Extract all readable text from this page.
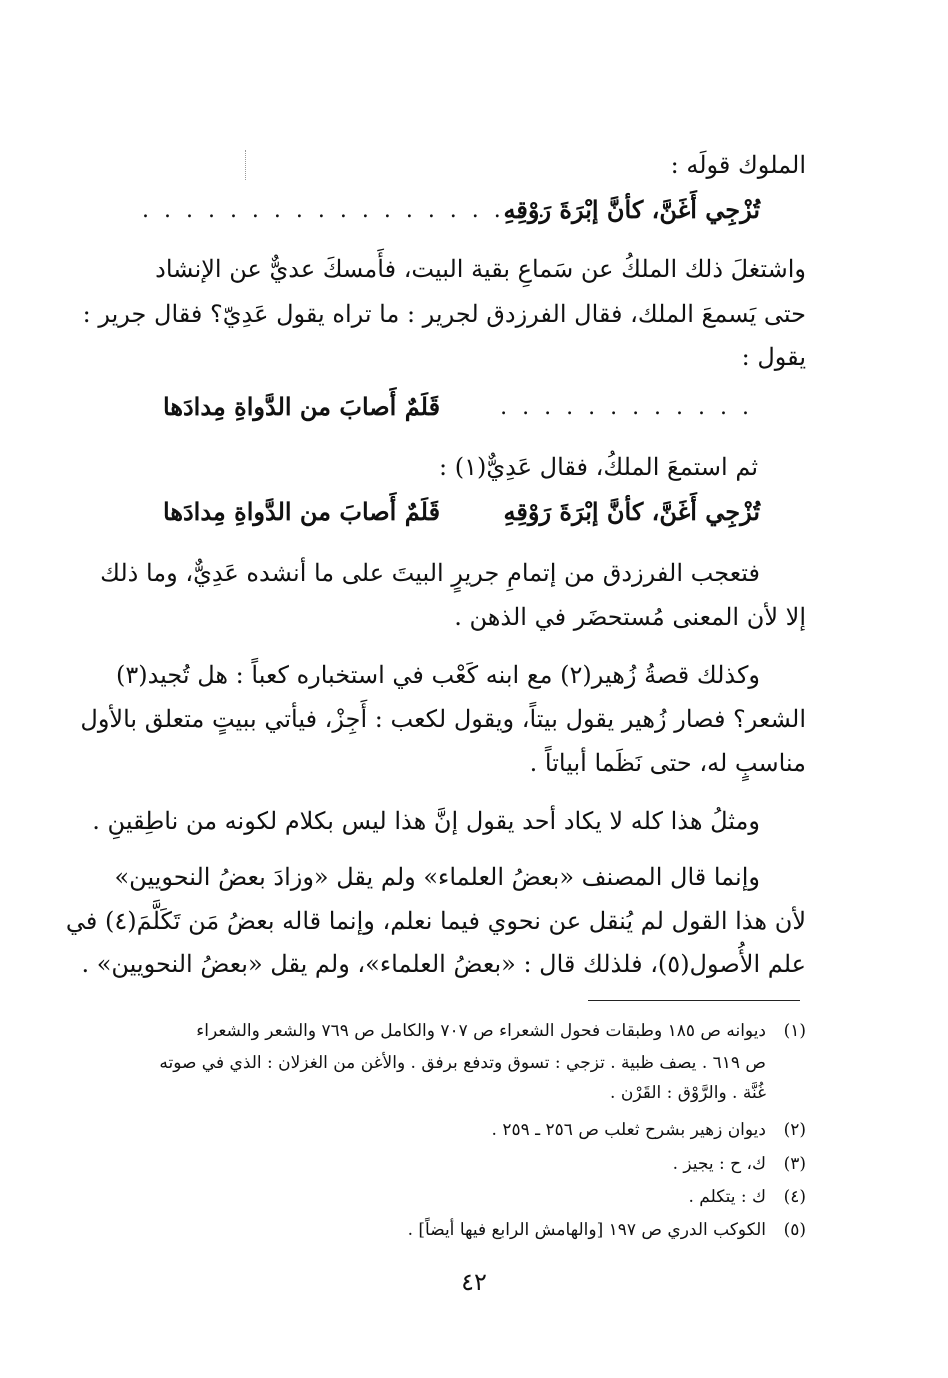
الملوك قولَه :
تُزْجِي أَغَنَّ، كأنَّ إبْرَةَ رَوْقِهِ
. . . . . . . . . . . . . . . . . . . .
واشتغلَ ذلك الملكُ عن سَماعِ بقية البيت، فأَمسكَ عديٌّ عن الإنشاد
حتى يَسمعَ الملك، فقال الفرزدق لجرير : ما تراه يقول عَدِيّ؟ فقال جرير :
يقول :
. . . . . . . . . . . .
قَلَمٌ أَصابَ من الدَّواةِ مِدادَها
ثم استمعَ الملكُ، فقال عَدِيٌّ(١) :
تُزْجِي أَغَنَّ، كأنَّ إبْرَةَ رَوْقِهِ
قَلَمٌ أَصابَ من الدَّواةِ مِدادَها
فتعجب الفرزدق من إتمامِ جريرٍ البيتَ على ما أنشده عَدِيٌّ، وما ذلك
إلا لأن المعنى مُستحضَر في الذهن .
وكذلك قصةُ زُهير(٢) مع ابنه كَعْب في استخباره كعباً : هل تُجيد(٣)
الشعر؟ فصار زُهير يقول بيتاً، ويقول لكعب : أَجِزْ، فيأتي ببيتٍ متعلق بالأول
مناسبٍ له، حتى نَظَما أبياتاً .
ومثلُ هذا كله لا يكاد أحد يقول إنَّ هذا ليس بكلام لكونه من ناطِقينِ .
وإنما قال المصنف «بعضُ العلماء» ولم يقل «وزادَ بعضُ النحويين»
لأن هذا القول لم يُنقل عن نحوي فيما نعلم، وإنما قاله بعضُ مَن تَكَلَّمَ(٤) في
علم الأُصول(٥)، فلذلك قال : «بعضُ العلماء»، ولم يقل «بعضُ النحويين» .
(١)
ديوانه ص ١٨٥ وطبقات فحول الشعراء ص ٧٠٧ والكامل ص ٧٦٩ والشعر والشعراء
ص ٦١٩ . يصف ظبية . تزجي : تسوق وتدفع برفق . والأغن من الغزلان : الذي في صوته
غُنَّة . والرَّوْق : القَرْن .
(٢)
ديوان زهير بشرح ثعلب ص ٢٥٦ ـ ٢٥٩ .
(٣)
ك، ح : يجيز .
(٤)
ك : يتكلم .
(٥)
الكوكب الدري ص ١٩٧ [والهامش الرابع فيها أيضاً] .
٤٢
